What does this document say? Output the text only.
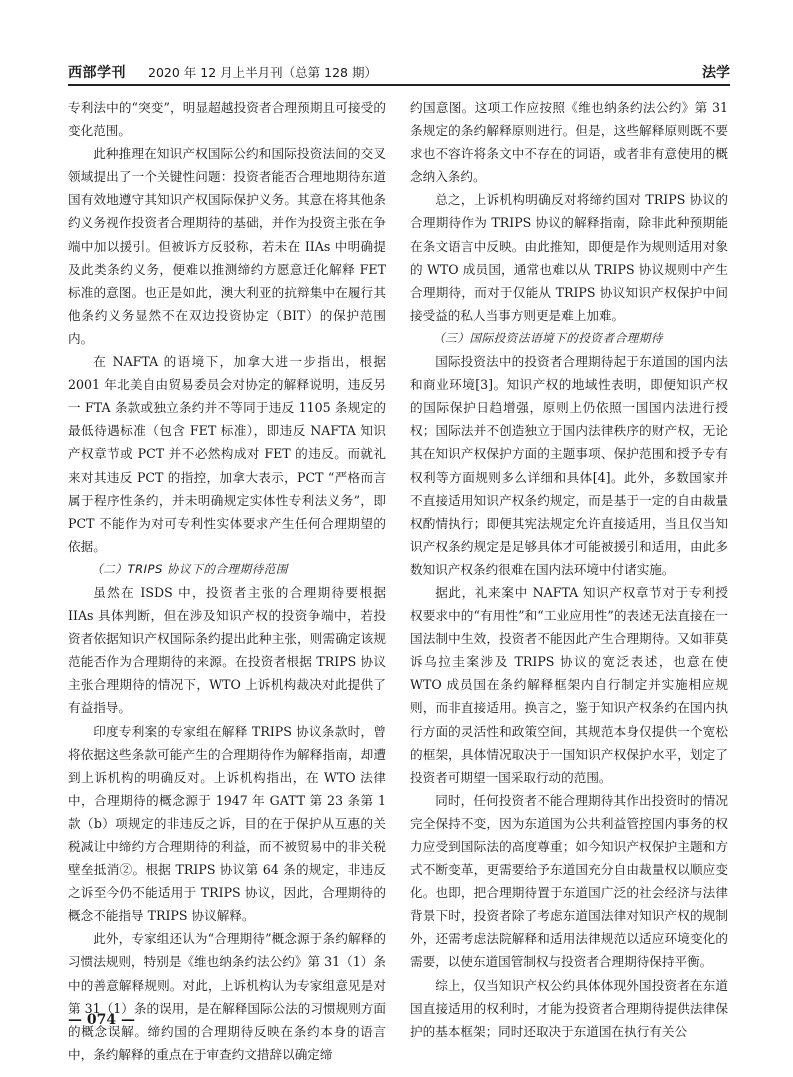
西部学刊 2020 年 12 月上半月刊（总第 128 期）	法学

专利法中的“突变”，明显超越投资者合理预期且可接受的变化范围。

此种推理在知识产权国际公约和国际投资法间的交叉领域提出了一个关键性问题：投资者能否合理地期待东道国有效地遵守其知识产权国际保护义务。其意在将其他条约义务视作投资者合理期待的基础，并作为投资主张在争端中加以援引。但被诉方反驳称，若未在 IIAs 中明确提及此类条约义务，便难以推测缔约方愿意迁化解释 FET 标准的意图。也正是如此，澳大利亚的抗辩集中在履行其他条约义务显然不在双边投资协定（BIT）的保护范围内。

在 NAFTA 的语境下，加拿大进一步指出，根据 2001 年北美自由贸易委员会对协定的解释说明，违反另一 FTA 条款或独立条约并不等同于违反 1105 条规定的最低待遇标准（包含 FET 标准），即违反 NAFTA 知识产权章节或 PCT 并不必然构成对 FET 的违反。而就礼来对其违反 PCT 的指控，加拿大表示，PCT “严格而言属于程序性条约，并未明确规定实体性专利法义务”，即 PCT 不能作为对可专利性实体要求产生任何合理期望的依据。

（二）TRIPS 协议下的合理期待范围

虽然在 ISDS 中，投资者主张的合理期待要根据 IIAs 具体判断，但在涉及知识产权的投资争端中，若投资者依据知识产权国际条约提出此种主张，则需确定该规范能否作为合理期待的来源。在投资者根据 TRIPS 协议主张合理期待的情况下，WTO 上诉机构裁决对此提供了有益指导。

印度专利案的专家组在解释 TRIPS 协议条款时，曾将依据这些条款可能产生的合理期待作为解释指南，却遭到上诉机构的明确反对。上诉机构指出，在 WTO 法律中，合理期待的概念源于 1947 年 GATT 第 23 条第 1 款（b）项规定的非违反之诉，目的在于保护从互惠的关税减让中缔约方合理期待的利益，而不被贸易中的非关税壁垒抵消②。根据 TRIPS 协议第 64 条的规定，非违反之诉至今仍不能适用于 TRIPS 协议，因此，合理期待的概念不能指导 TRIPS 协议解释。

此外，专家组还认为“合理期待”概念源于条约解释的习惯法规则，特别是《维也纳条约法公约》第 31（1）条中的善意解释规则。对此，上诉机构认为专家组意见是对第 31（1）条的误用，是在解释国际公法的习惯规则方面的概念误解。缔约国的合理期待反映在条约本身的语言中，条约解释的重点在于审查约文措辞以确定缔

约国意图。这项工作应按照《维也纳条约法公约》第 31 条规定的条约解释原则进行。但是，这些解释原则既不要求也不容许将条文中不存在的词语，或者非有意使用的概念纳入条约。

总之，上诉机构明确反对将缔约国对 TRIPS 协议的合理期待作为 TRIPS 协议的解释指南，除非此种预期能在条文语言中反映。由此推知，即便是作为规则适用对象的 WTO 成员国，通常也难以从 TRIPS 协议规则中产生合理期待，而对于仅能从 TRIPS 协议知识产权保护中间接受益的私人当事方则更是难上加难。

（三）国际投资法语境下的投资者合理期待

国际投资法中的投资者合理期待起于东道国的国内法和商业环境[3]。知识产权的地域性表明，即便知识产权的国际保护日趋增强，原则上仍依照一国国内法进行授权；国际法并不创造独立于国内法律秩序的财产权，无论其在知识产权保护方面的主题事项、保护范围和授予专有权利等方面规则多么详细和具体[4]。此外，多数国家并不直接适用知识产权条约规定，而是基于一定的自由裁量权酌情执行；即便其宪法规定允许直接适用，当且仅当知识产权条约规定是足够具体才可能被援引和适用，由此多数知识产权条约很难在国内法环境中付诸实施。

据此，礼来案中 NAFTA 知识产权章节对于专利授权要求中的“有用性”和“工业应用性”的表述无法直接在一国法制中生效，投资者不能因此产生合理期待。又如菲莫诉乌拉圭案涉及 TRIPS 协议的宽泛表述，也意在使 WTO 成员国在条约解释框架内自行制定并实施相应规则，而非直接适用。换言之，鉴于知识产权条约在国内执行方面的灵活性和政策空间，其规范本身仅提供一个宽松的框架，具体情况取决于一国知识产权保护水平，划定了投资者可期望一国采取行动的范围。

同时，任何投资者不能合理期待其作出投资时的情况完全保持不变，因为东道国为公共利益管控国内事务的权力应受到国际法的高度尊重；如今知识产权保护主题和方式不断变革，更需要给予东道国充分自由裁量权以顺应变化。也即，把合理期待置于东道国广泛的社会经济与法律背景下时，投资者除了考虑东道国法律对知识产权的规制外，还需考虑法院解释和适用法律规范以适应环境变化的需要，以使东道国管制权与投资者合理期待保持平衡。

综上，仅当知识产权公约具体体现外国投资者在东道国直接适用的权利时，才能为投资者合理期待提供法律保护的基本框架；同时还取决于东道国在执行有关公

— 074 —
